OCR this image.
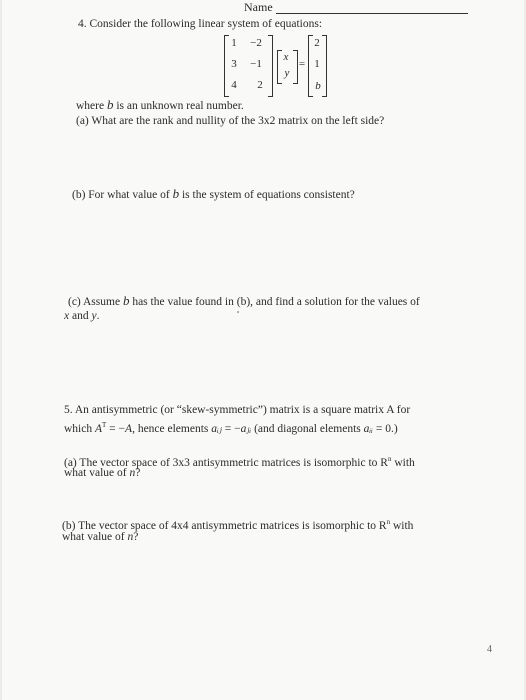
Name
4. Consider the following linear system of equations:
1 −2
3 −1
4 2
x
y
=
2
1
b
where b is an unknown real number.
(a) What are the rank and nullity of the 3x2 matrix on the left side?
(b) For what value of b is the system of equations consistent?
(c) Assume b has the value found in (b), and find a solution for the values of
x and y.
5. An antisymmetric (or “skew-symmetric”) matrix is a square matrix A for
which $A^T = -A$, hence elements aᵢⱼ = −aⱼᵢ (and diagonal elements aᵢᵢ = 0.)
(a) The vector space of 3x3 antisymmetric matrices is isomorphic to $R^n$ with
what value of n?
(b) The vector space of 4x4 antisymmetric matrices is isomorphic to $R^n$ with
what value of n?
4
